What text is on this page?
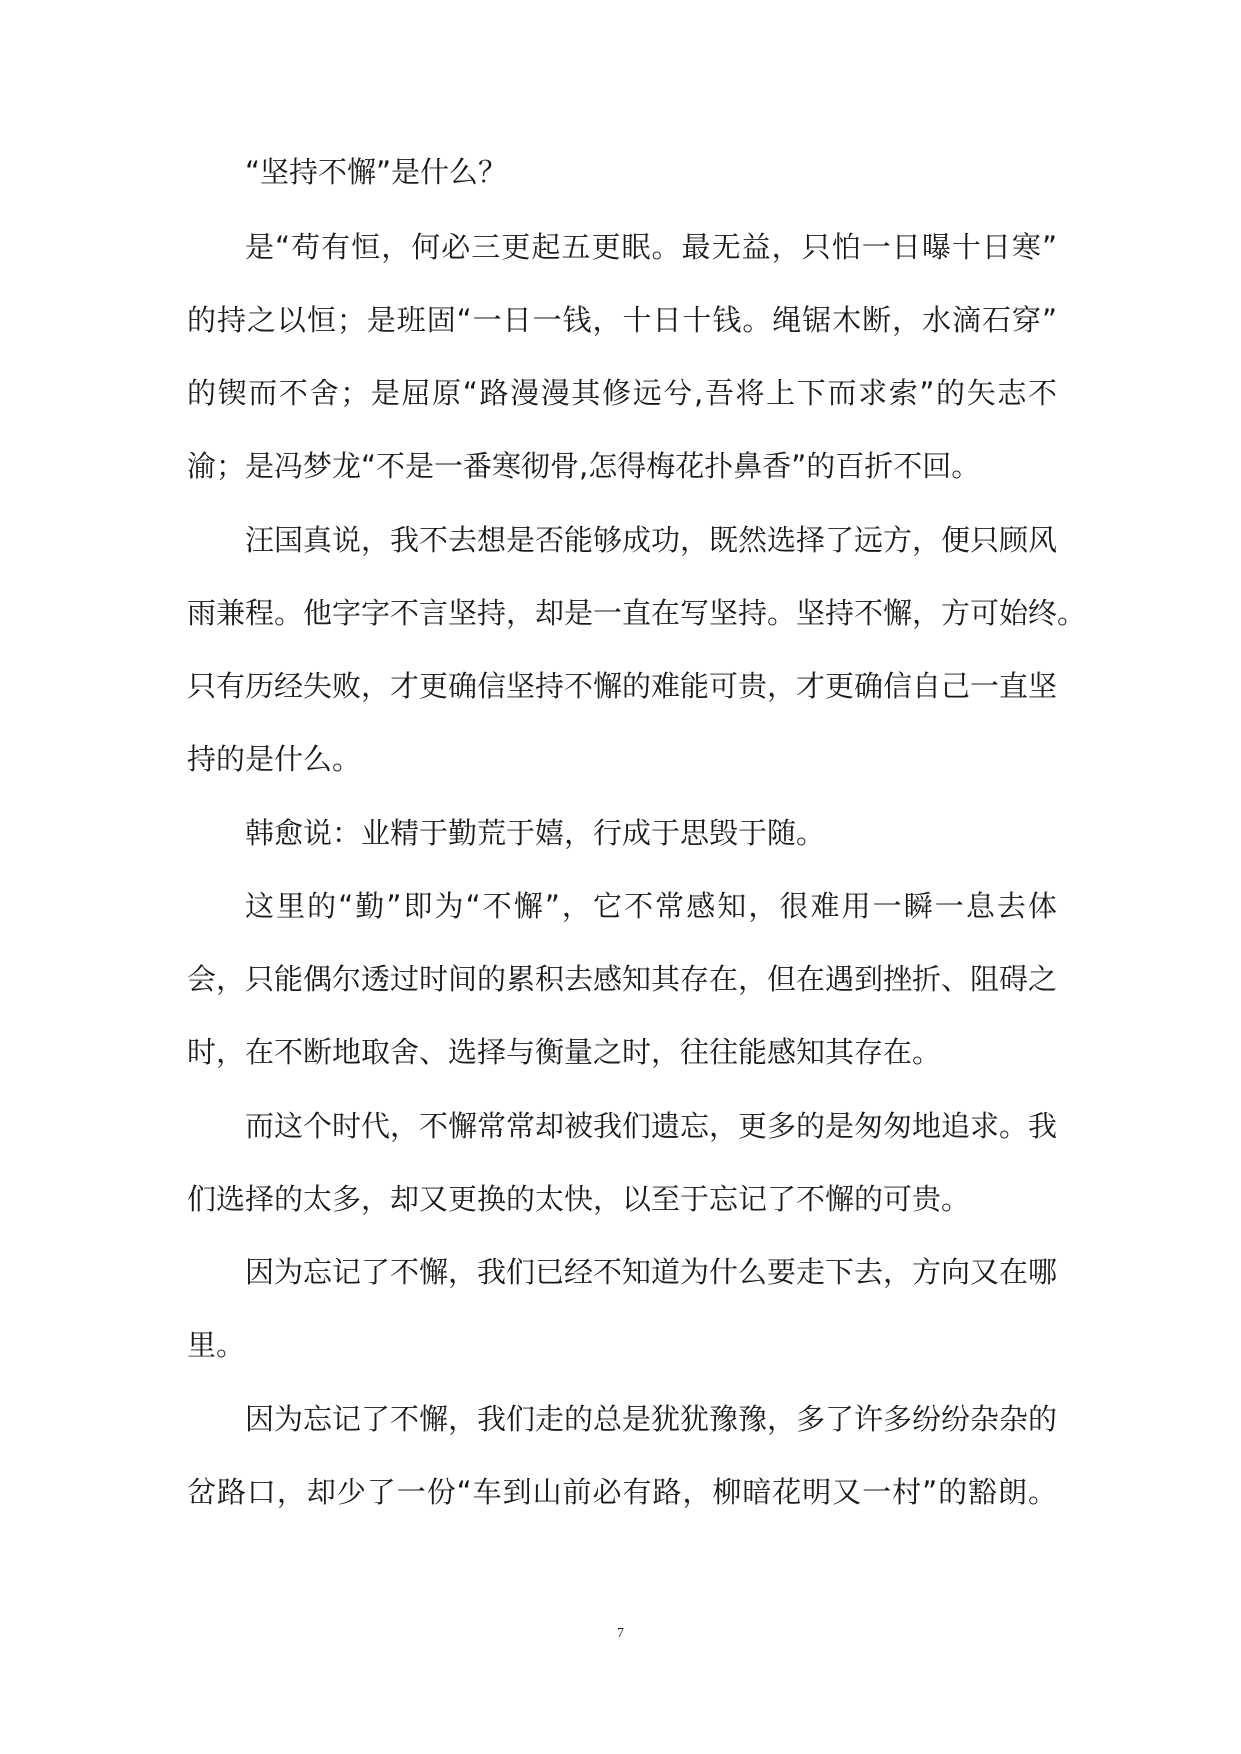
“坚持不懈”是什么？
是“苟有恒，何必三更起五更眠。最无益，只怕一日曝十日寒”
的持之以恒；是班固“一日一钱，十日十钱。绳锯木断，水滴石穿”
的锲而不舍；是屈原“路漫漫其修远兮,吾将上下而求索”的矢志不
渝；是冯梦龙“不是一番寒彻骨,怎得梅花扑鼻香”的百折不回。
汪国真说，我不去想是否能够成功，既然选择了远方，便只顾风
雨兼程。他字字不言坚持，却是一直在写坚持。坚持不懈，方可始终。
只有历经失败，才更确信坚持不懈的难能可贵，才更确信自己一直坚
持的是什么。
韩愈说：业精于勤荒于嬉，行成于思毁于随。
这里的“勤”即为“不懈”，它不常感知，很难用一瞬一息去体
会，只能偶尔透过时间的累积去感知其存在，但在遇到挫折、阻碍之
时，在不断地取舍、选择与衡量之时，往往能感知其存在。
而这个时代，不懈常常却被我们遗忘，更多的是匆匆地追求。我
们选择的太多，却又更换的太快，以至于忘记了不懈的可贵。
因为忘记了不懈，我们已经不知道为什么要走下去，方向又在哪
里。
因为忘记了不懈，我们走的总是犹犹豫豫，多了许多纷纷杂杂的
岔路口，却少了一份“车到山前必有路，柳暗花明又一村”的豁朗。
7
